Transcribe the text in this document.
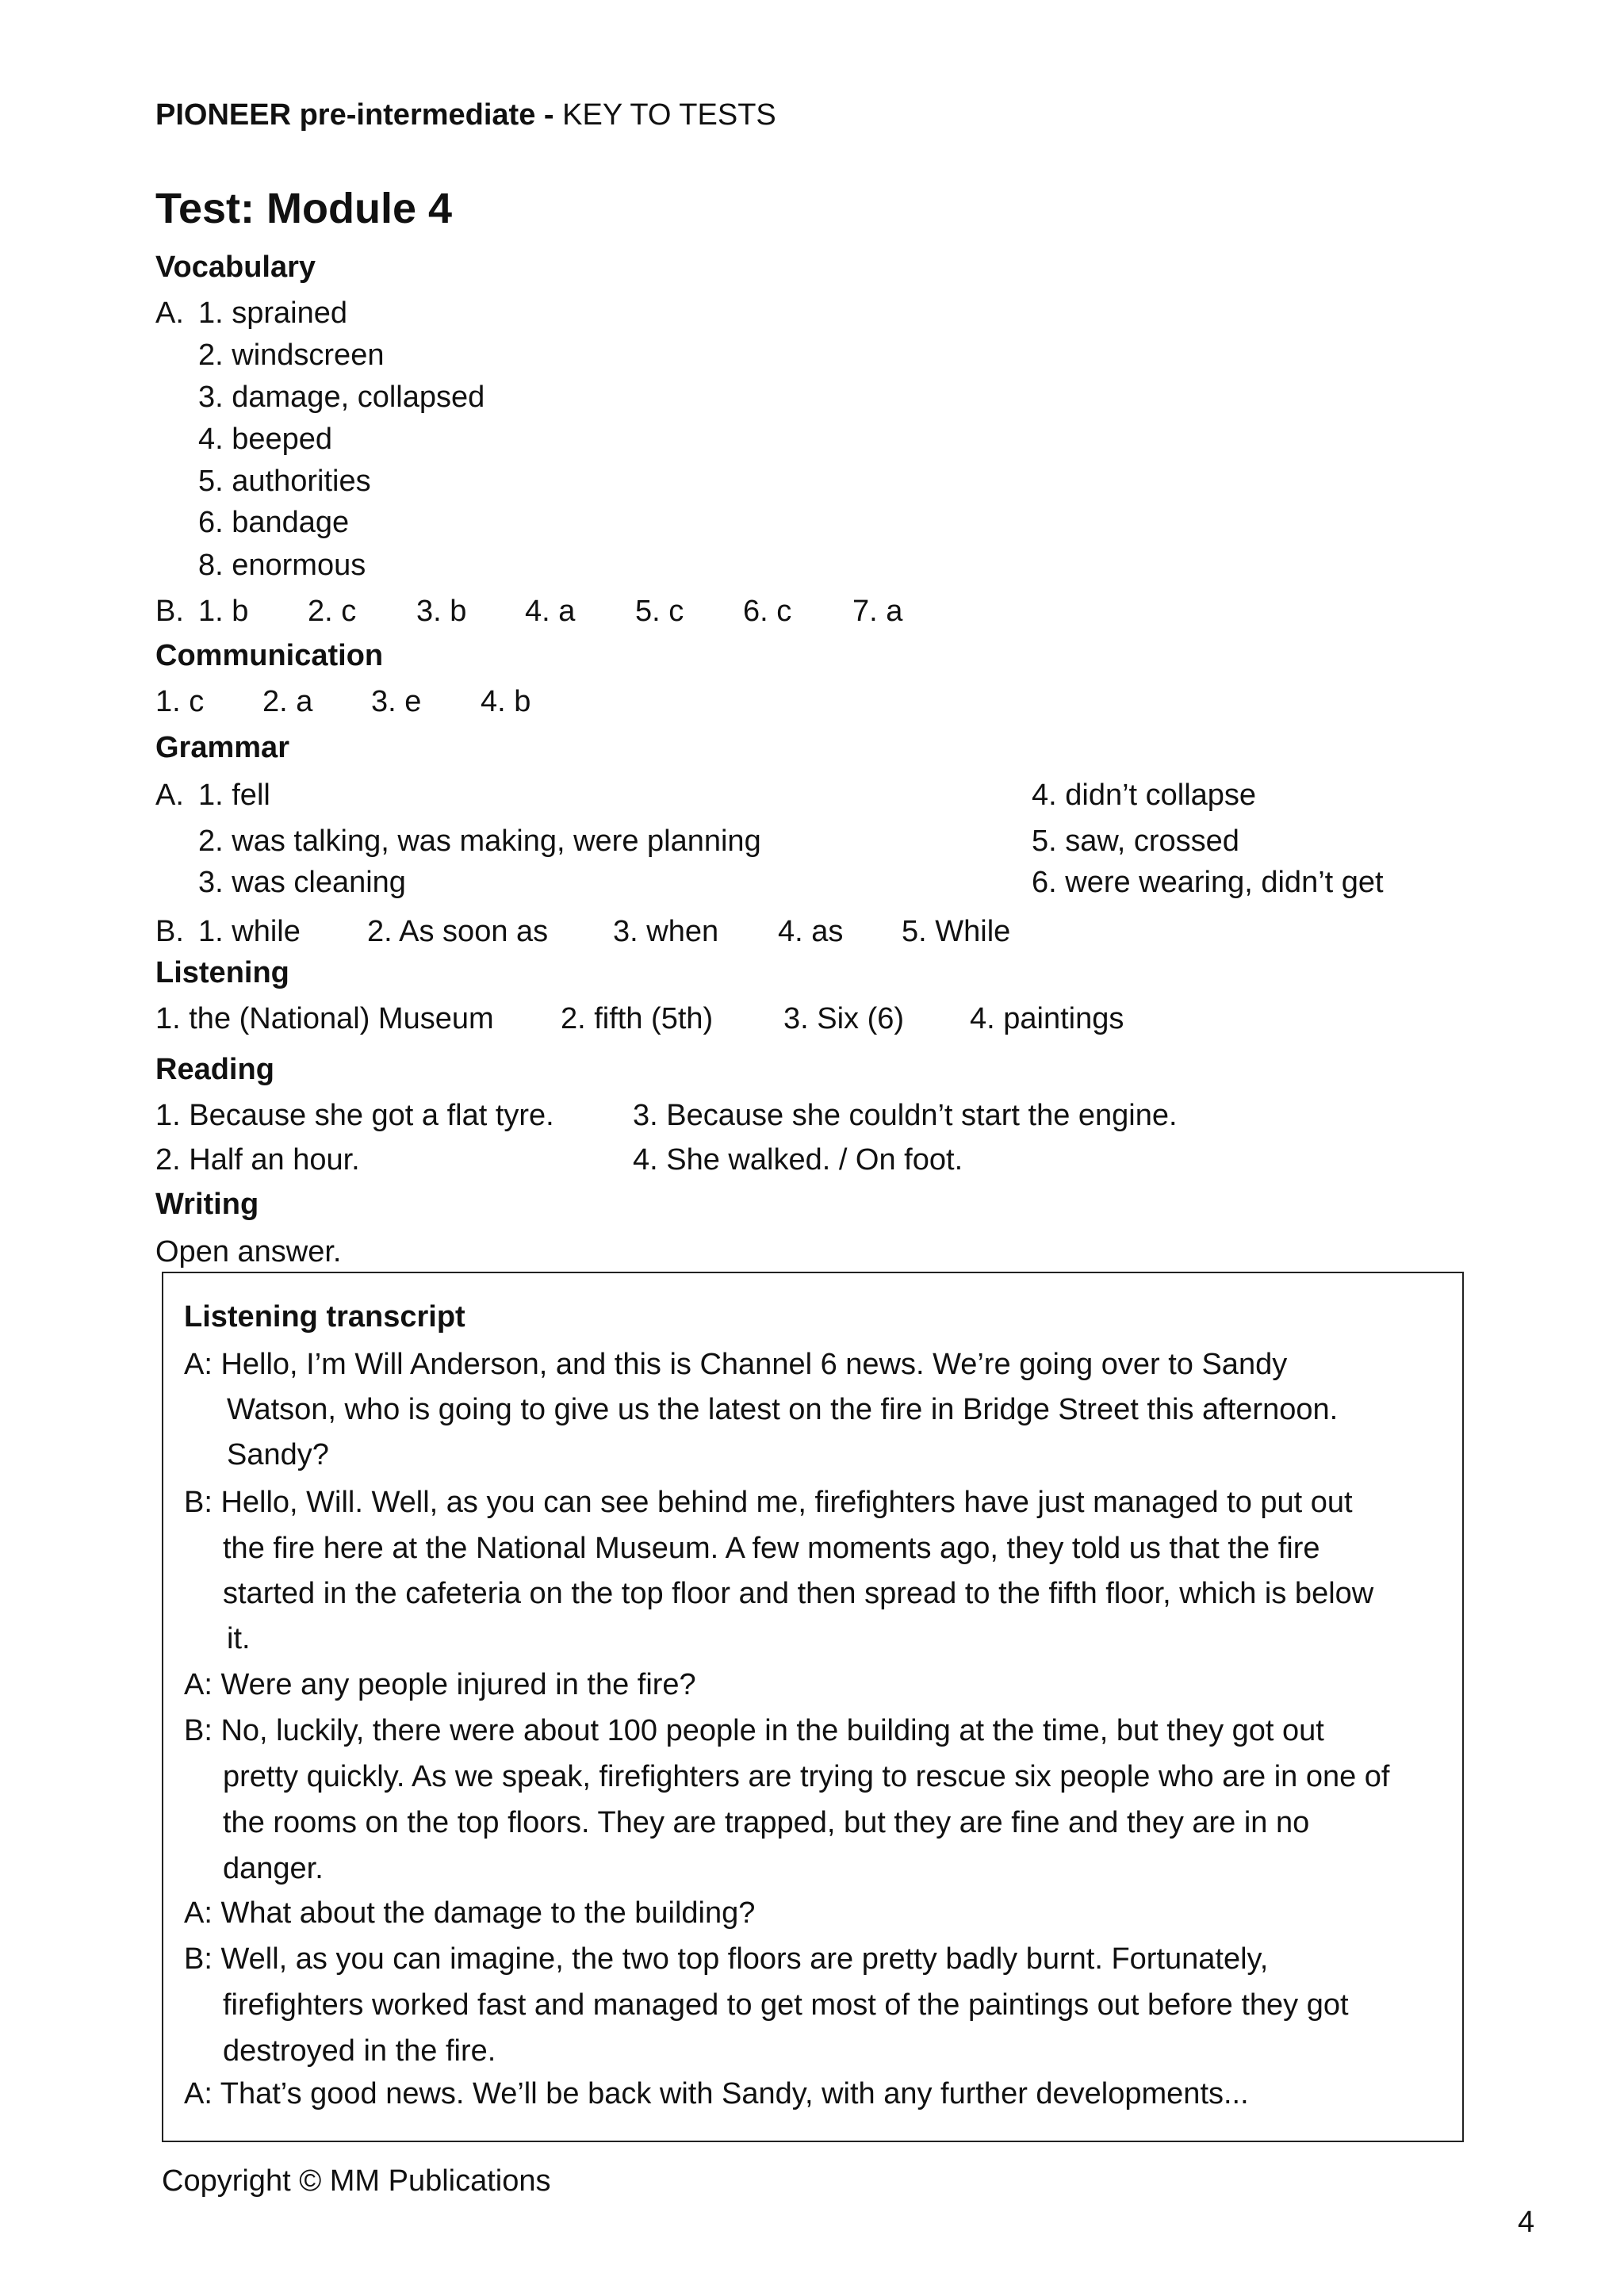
PIONEER pre-intermediate - KEY TO TESTS
Test: Module 4
Vocabulary
A. 1. sprained
2. windscreen
3. damage, collapsed
4. beeped
5. authorities
6. bandage
8. enormous
B. 1. b 2. c 3. b 4. a 5. c 6. c 7. a
Communication
1. c 2. a 3. e 4. b
Grammar
A. 1. fell
2. was talking, was making, were planning
3. was cleaning
4. didn’t collapse
5. saw, crossed
6. were wearing, didn’t get
B. 1. while 2. As soon as 3. when 4. as 5. While
Listening
1. the (National) Museum 2. fifth (5th) 3. Six (6) 4. paintings
Reading
1. Because she got a flat tyre.	3. Because she couldn’t start the engine.
2. Half an hour.	4. She walked. / On foot.
Writing
Open answer.
Listening transcript
A: Hello, I’m Will Anderson, and this is Channel 6 news. We’re going over to Sandy
Watson, who is going to give us the latest on the fire in Bridge Street this afternoon.
Sandy?
B: Hello, Will. Well, as you can see behind me, firefighters have just managed to put out
the fire here at the National Museum. A few moments ago, they told us that the fire
started in the cafeteria on the top floor and then spread to the fifth floor, which is below
it.
A: Were any people injured in the fire?
B: No, luckily, there were about 100 people in the building at the time, but they got out
pretty quickly. As we speak, firefighters are trying to rescue six people who are in one of
the rooms on the top floors. They are trapped, but they are fine and they are in no
danger.
A: What about the damage to the building?
B: Well, as you can imagine, the two top floors are pretty badly burnt. Fortunately,
firefighters worked fast and managed to get most of the paintings out before they got
destroyed in the fire.
A: That’s good news. We’ll be back with Sandy, with any further developments...
Copyright © MM Publications
4
